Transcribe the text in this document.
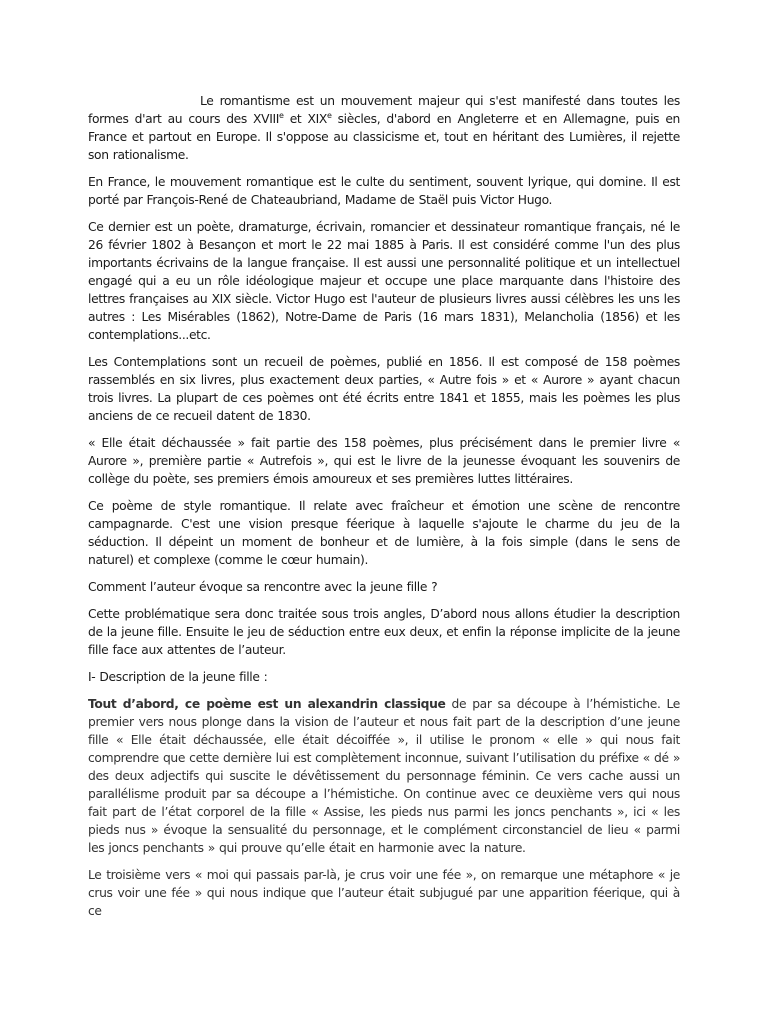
Le romantisme est un mouvement majeur qui s'est manifesté dans toutes les formes d'art au cours des XVIIIe et XIXe siècles, d'abord en Angleterre et en Allemagne, puis en France et partout en Europe. Il s'oppose au classicisme et, tout en héritant des Lumières, il rejette son rationalisme.

En France, le mouvement romantique est le culte du sentiment, souvent lyrique, qui domine. Il est porté par François-René de Chateaubriand, Madame de Staël puis Victor Hugo.

Ce dernier est un poète, dramaturge, écrivain, romancier et dessinateur romantique français, né le 26 février 1802 à Besançon et mort le 22 mai 1885 à Paris. Il est considéré comme l'un des plus importants écrivains de la langue française. Il est aussi une personnalité politique et un intellectuel engagé qui a eu un rôle idéologique majeur et occupe une place marquante dans l'histoire des lettres françaises au XIX siècle. Victor Hugo est l'auteur de plusieurs livres aussi célèbres les uns les autres : Les Misérables (1862), Notre-Dame de Paris (16 mars 1831), Melancholia (1856) et les contemplations...etc.

Les Contemplations sont un recueil de poèmes, publié en 1856. Il est composé de 158 poèmes rassemblés en six livres, plus exactement deux parties, « Autre fois » et « Aurore » ayant chacun trois livres. La plupart de ces poèmes ont été écrits entre 1841 et 1855, mais les poèmes les plus anciens de ce recueil datent de 1830.

« Elle était déchaussée » fait partie des 158 poèmes, plus précisément dans le premier livre « Aurore », première partie « Autrefois », qui est le livre de la jeunesse évoquant les souvenirs de collège du poète, ses premiers émois amoureux et ses premières luttes littéraires.

Ce poème de style romantique. Il relate avec fraîcheur et émotion une scène de rencontre campagnarde. C'est une vision presque féerique à laquelle s'ajoute le charme du jeu de la séduction. Il dépeint un moment de bonheur et de lumière, à la fois simple (dans le sens de naturel) et complexe (comme le cœur humain).

Comment l’auteur évoque sa rencontre avec la jeune fille ?

Cette problématique sera donc traitée sous trois angles, D’abord nous allons étudier la description de la jeune fille. Ensuite le jeu de séduction entre eux deux, et enfin la réponse implicite de la jeune fille face aux attentes de l’auteur.

I- Description de la jeune fille :

Tout d’abord, ce poème est un alexandrin classique de par sa découpe à l’hémistiche. Le premier vers nous plonge dans la vision de l’auteur et nous fait part de la description d’une jeune fille « Elle était déchaussée, elle était décoiffée », il utilise le pronom « elle » qui nous fait comprendre que cette dernière lui est complètement inconnue, suivant l’utilisation du préfixe « dé » des deux adjectifs qui suscite le dévêtissement du personnage féminin. Ce vers cache aussi un parallélisme produit par sa découpe a l’hémistiche. On continue avec ce deuxième vers qui nous fait part de l’état corporel de la fille « Assise, les pieds nus parmi les joncs penchants », ici « les pieds nus » évoque la sensualité du personnage, et le complément circonstanciel de lieu « parmi les joncs penchants » qui prouve qu’elle était en harmonie avec la nature.

Le troisième vers « moi qui passais par-là, je crus voir une fée », on remarque une métaphore « je crus voir une fée » qui nous indique que l’auteur était subjugué par une apparition féerique, qui à ce
